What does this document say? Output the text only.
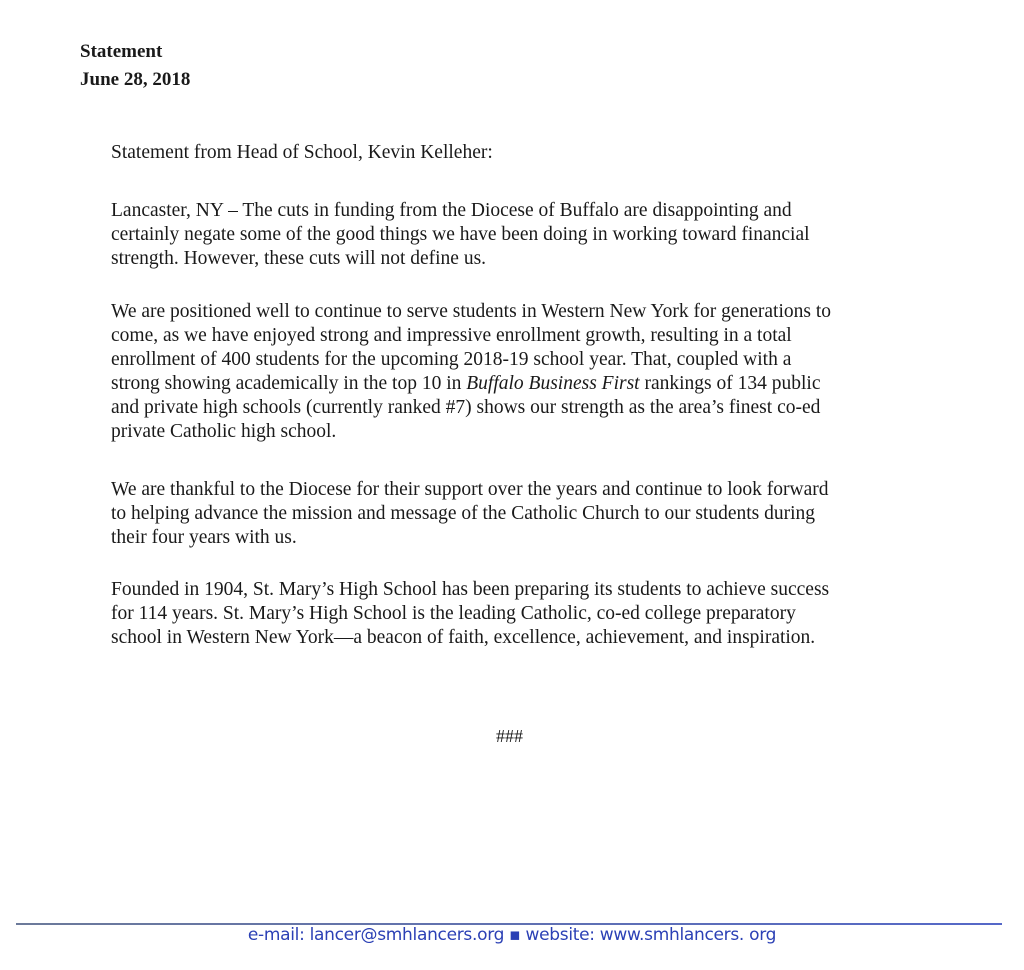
Statement
June 28, 2018
Statement from Head of School, Kevin Kelleher:
Lancaster, NY – The cuts in funding from the Diocese of Buffalo are disappointing and
certainly negate some of the good things we have been doing in working toward financial
strength. However, these cuts will not define us.
We are positioned well to continue to serve students in Western New York for generations to
come, as we have enjoyed strong and impressive enrollment growth, resulting in a total
enrollment of 400 students for the upcoming 2018-19 school year. That, coupled with a
strong showing academically in the top 10 in Buffalo Business First rankings of 134 public
and private high schools (currently ranked #7) shows our strength as the area’s finest co-ed
private Catholic high school.
We are thankful to the Diocese for their support over the years and continue to look forward
to helping advance the mission and message of the Catholic Church to our students during
their four years with us.
Founded in 1904, St. Mary’s High School has been preparing its students to achieve success
for 114 years. St. Mary’s High School is the leading Catholic, co-ed college preparatory
school in Western New York—a beacon of faith, excellence, achievement, and inspiration.
###
e-mail: lancer@smhlancers.org ▪ website: www.smhlancers. org
